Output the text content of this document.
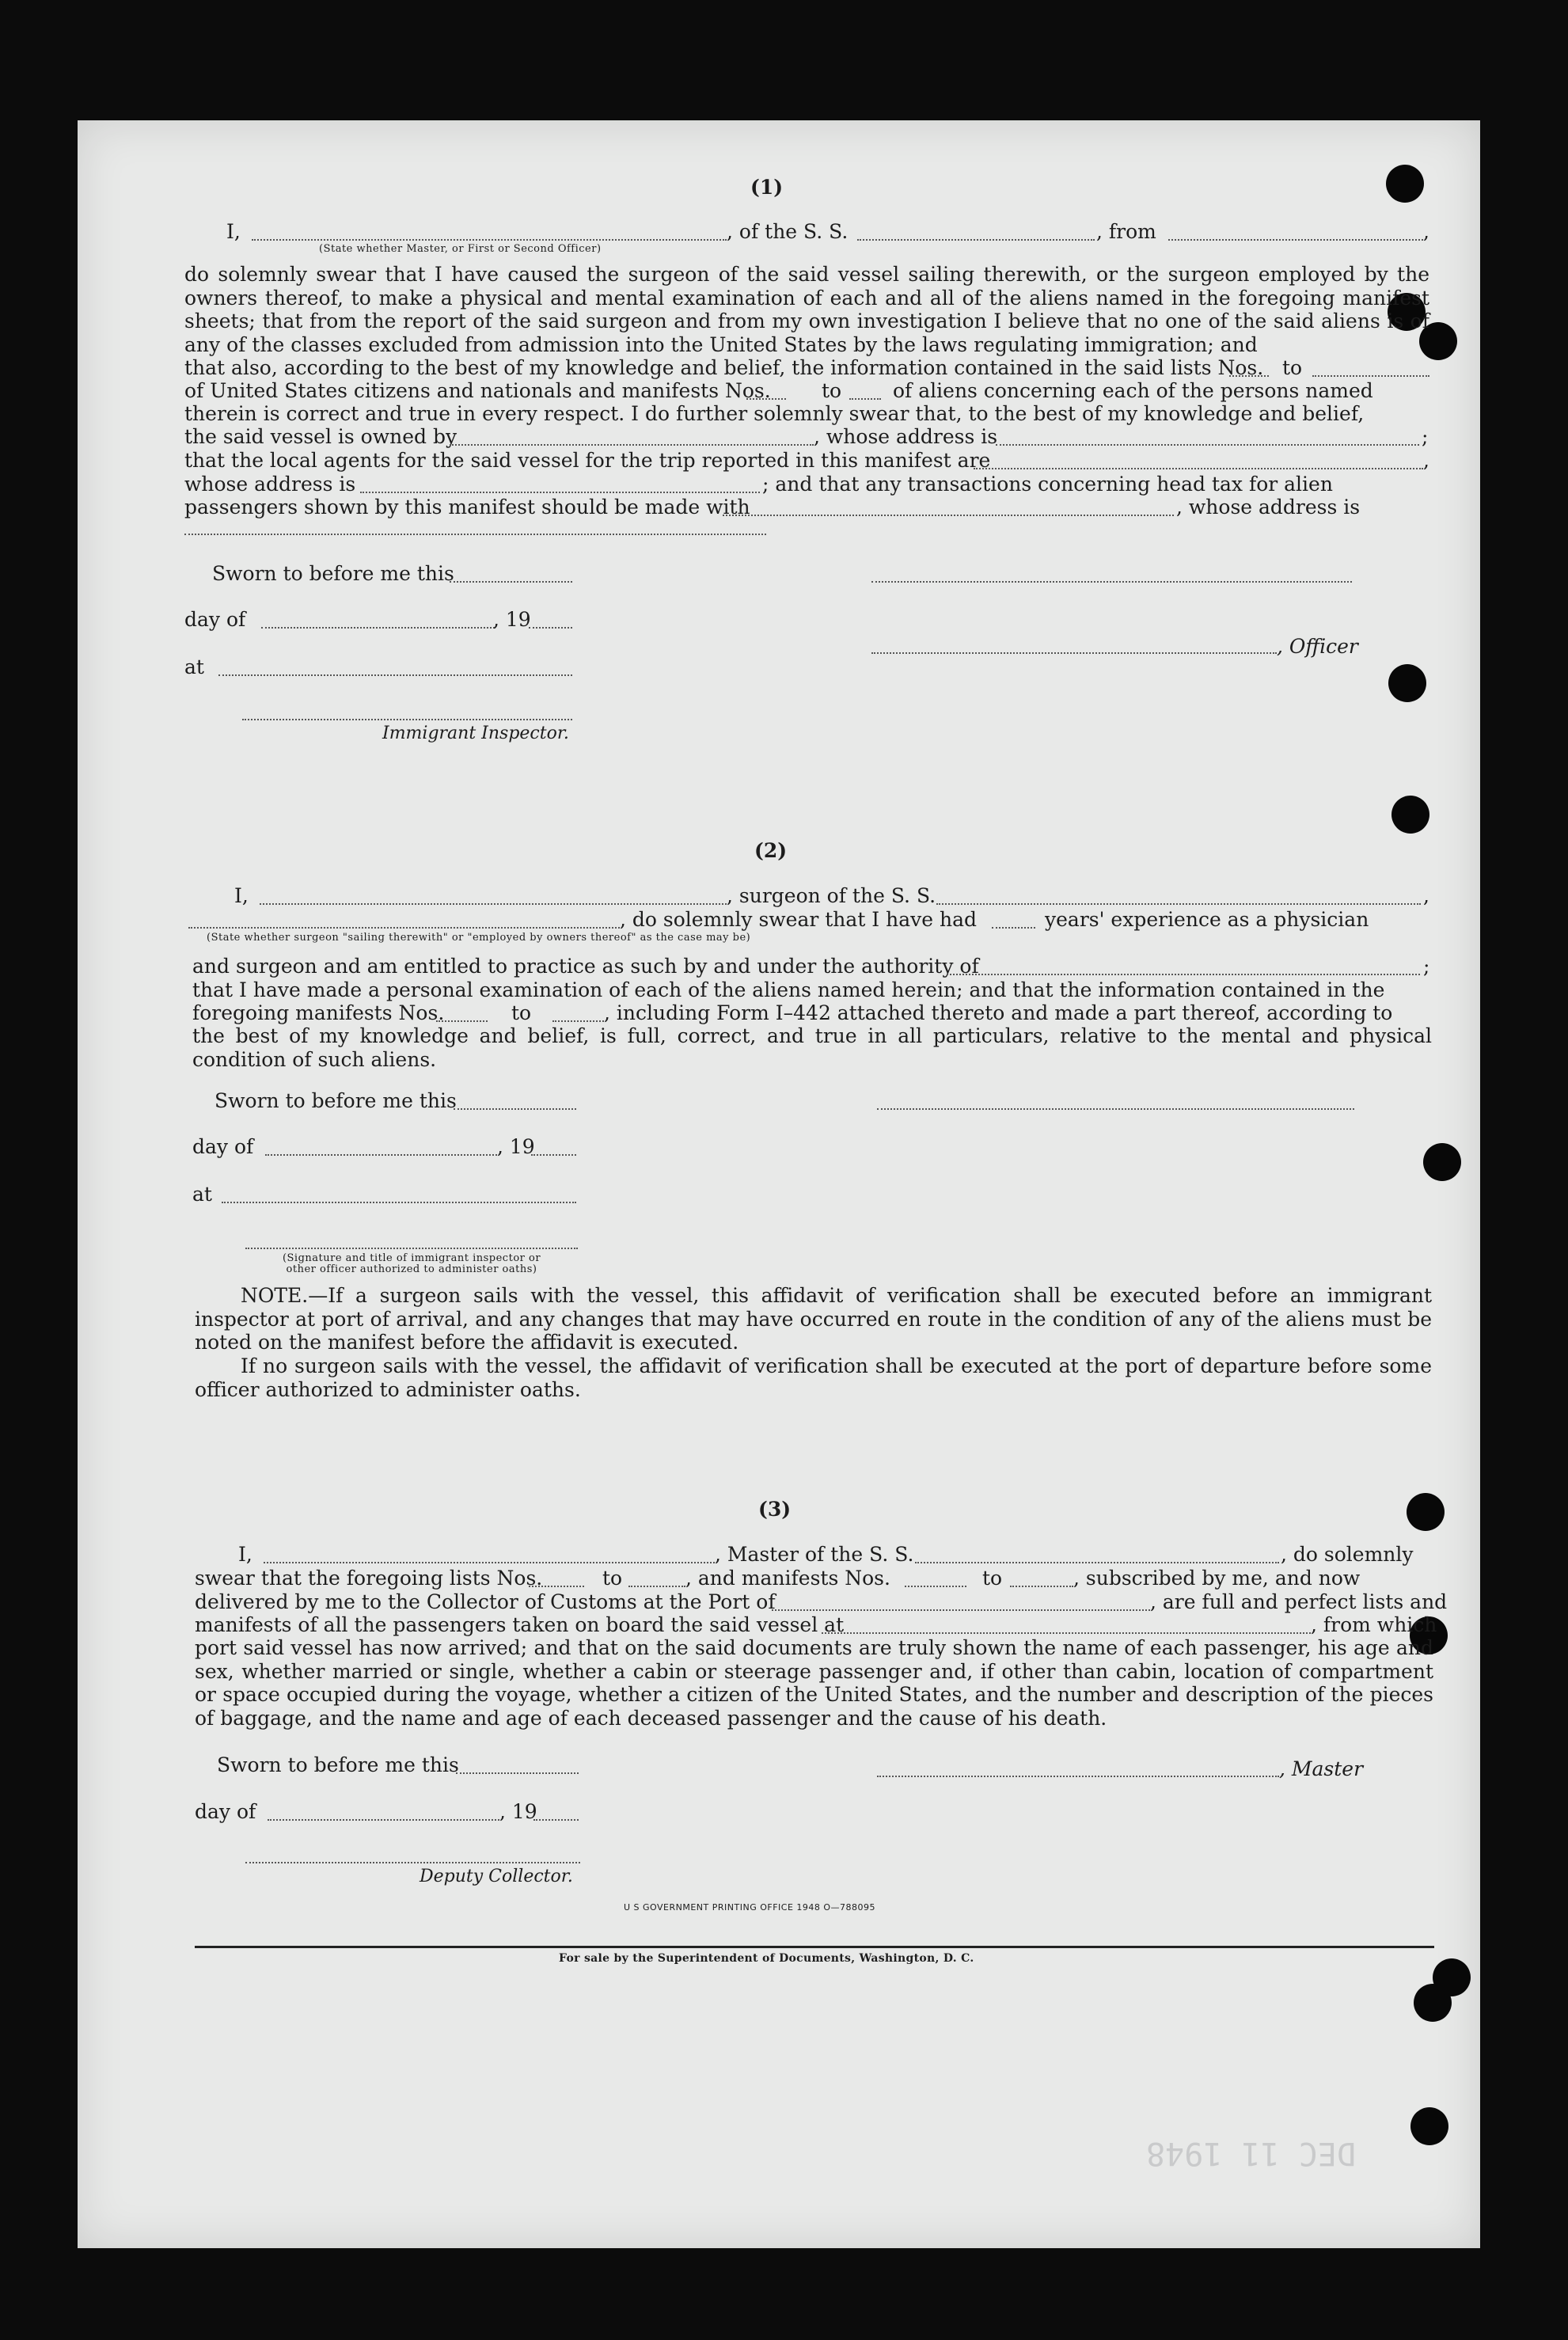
DEC 11 1948
(1)
I,
(State whether Master, or First or Second Officer)
, of the S. S.	, from	,
do solemnly swear that I have caused the surgeon of the said vessel sailing therewith, or the surgeon employed by the owners thereof, to make a physical and mental examination of each and all of the aliens named in the foregoing manifest sheets; that from the report of the said surgeon and from my own investigation I believe that no one of the said aliens is of any of the classes excluded from admission into the United States by the laws regulating immigration; and
that also, according to the best of my knowledge and belief, the information contained in the said lists Nos. to
of United States citizens and nationals and manifests Nos.	to	of aliens concerning each of the persons named
therein is correct and true in every respect. I do further solemnly swear that, to the best of my knowledge and belief,
the said vessel is owned by	, whose address is	;
that the local agents for the said vessel for the trip reported in this manifest are	,
whose address is	; and that any transactions concerning head tax for alien
passengers shown by this manifest should be made with	, whose address is
Sworn to before me this
day of	, 19
, Officer
at
Immigrant Inspector.
(2)
I,	, surgeon of the S. S.	,
, do solemnly swear that I have had	years' experience as a physician
(State whether surgeon "sailing therewith" or "employed by owners thereof" as the case may be)
and surgeon and am entitled to practice as such by and under the authority of	;
that I have made a personal examination of each of the aliens named herein; and that the information contained in the
foregoing manifests Nos.	to	, including Form I–442 attached thereto and made a part thereof, according to
the best of my knowledge and belief, is full, correct, and true in all particulars, relative to the mental and physical condition of such aliens.
Sworn to before me this
day of	, 19
at
(Signature and title of immigrant inspector or
other officer authorized to administer oaths)
NOTE.—If a surgeon sails with the vessel, this affidavit of verification shall be executed before an immigrant inspector at port of arrival, and any changes that may have occurred en route in the condition of any of the aliens must be noted on the manifest before the affidavit is executed.
If no surgeon sails with the vessel, the affidavit of verification shall be executed at the port of departure before some officer authorized to administer oaths.
(3)
I,	, Master of the S. S.	, do solemnly
swear that the foregoing lists Nos.	to	, and manifests Nos.	to	, subscribed by me, and now
delivered by me to the Collector of Customs at the Port of	, are full and perfect lists and
manifests of all the passengers taken on board the said vessel at	, from which
port said vessel has now arrived; and that on the said documents are truly shown the name of each passenger, his age and sex, whether married or single, whether a cabin or steerage passenger and, if other than cabin, location of compartment or space occupied during the voyage, whether a citizen of the United States, and the number and description of the pieces of baggage, and the name and age of each deceased passenger and the cause of his death.
Sworn to before me this	, Master
day of	, 19
Deputy Collector.
U S GOVERNMENT PRINTING OFFICE 1948 O—788095
For sale by the Superintendent of Documents, Washington, D. C.
